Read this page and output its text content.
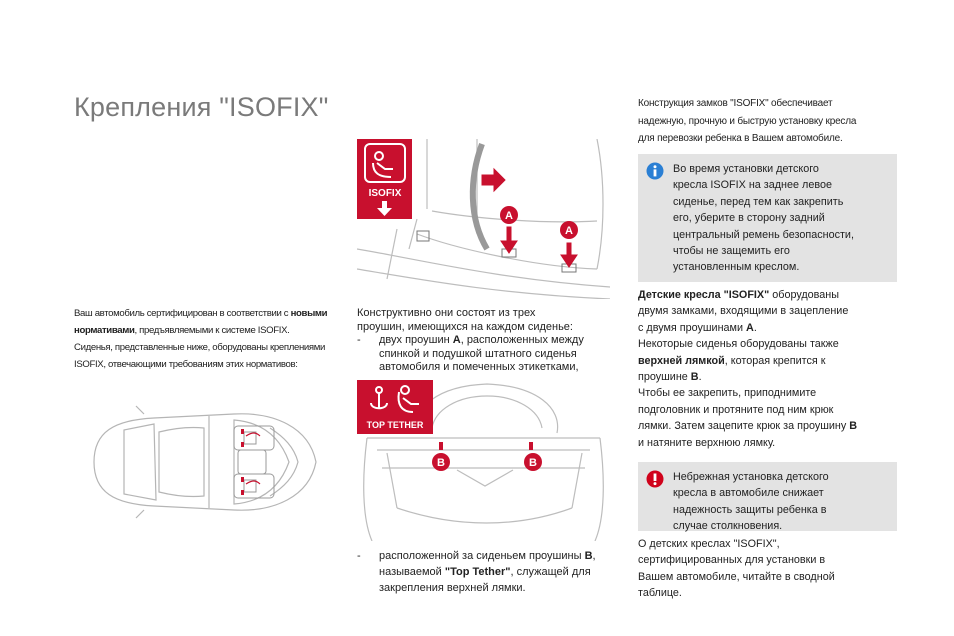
Крепления "ISOFIX"

Ваш автомобиль сертифицирован в соответствии с новыми

нормативами, предъявляемыми к системе ISOFIX.

Сиденья, представленные ниже, оборудованы креплениями

ISOFIX, отвечающими требованиям этих нормативов:

A
A
ISOFIX
Конструктивно они состоят из трех
проушин, имеющихся на каждом сиденье:
- двух проушин A, расположенных между
спинкой и подушкой штатного сиденья
автомобиля и помеченных этикетками,
B	B
TOP TETHER
- расположенной за сиденьем проушины B,
называемой "Top Tether", служащей для
закрепления верхней лямки.
Конструкция замков "ISOFIX" обеспечивает
надежную, прочную и быструю установку кресла
для перевозки ребенка в Вашем автомобиле.
Во время установки детского
кресла ISOFIX на заднее левое
сиденье, перед тем как закрепить
его, уберите в сторону задний
центральный ремень безопасности,
чтобы не защемить его
установленным креслом.
Детские кресла "ISOFIX" оборудованы
двумя замками, входящими в зацепление
с двумя проушинами A.
Некоторые сиденья оборудованы также
верхней лямкой, которая крепится к
проушине B.
Чтобы ее закрепить, приподнимите
подголовник и протяните под ним крюк
лямки. Затем зацепите крюк за проушину B
и натяните верхнюю лямку.
Небрежная установка детского
кресла в автомобиле снижает
надежность защиты ребенка в
случае столкновения.
О детских креслах "ISOFIX",
сертифицированных для установки в
Вашем автомобиле, читайте в сводной
таблице.
